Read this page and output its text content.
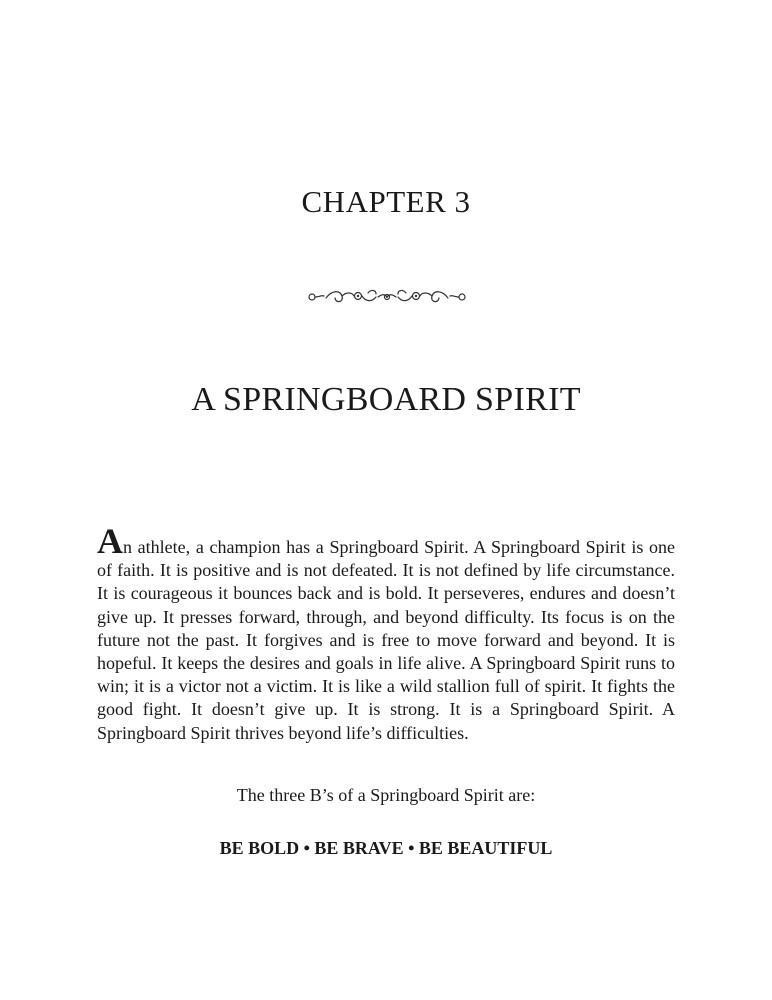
CHAPTER 3
A SPRINGBOARD SPIRIT

An athlete, a champion has a Springboard Spirit. A Springboard Spirit is one of faith. It is positive and is not defeated. It is not defined by life circumstance. It is courageous it bounces back and is bold. It perseveres, endures and doesn’t give up. It presses forward, through, and beyond difficulty. Its focus is on the future not the past. It forgives and is free to move forward and beyond. It is hopeful. It keeps the desires and goals in life alive. A Springboard Spirit runs to win; it is a victor not a victim. It is like a wild stallion full of spirit. It fights the good fight. It doesn’t give up. It is strong. It is a Springboard Spirit. A Springboard Spirit thrives beyond life’s difficulties.

The three B’s of a Springboard Spirit are:

BE BOLD • BE BRAVE • BE BEAUTIFUL
